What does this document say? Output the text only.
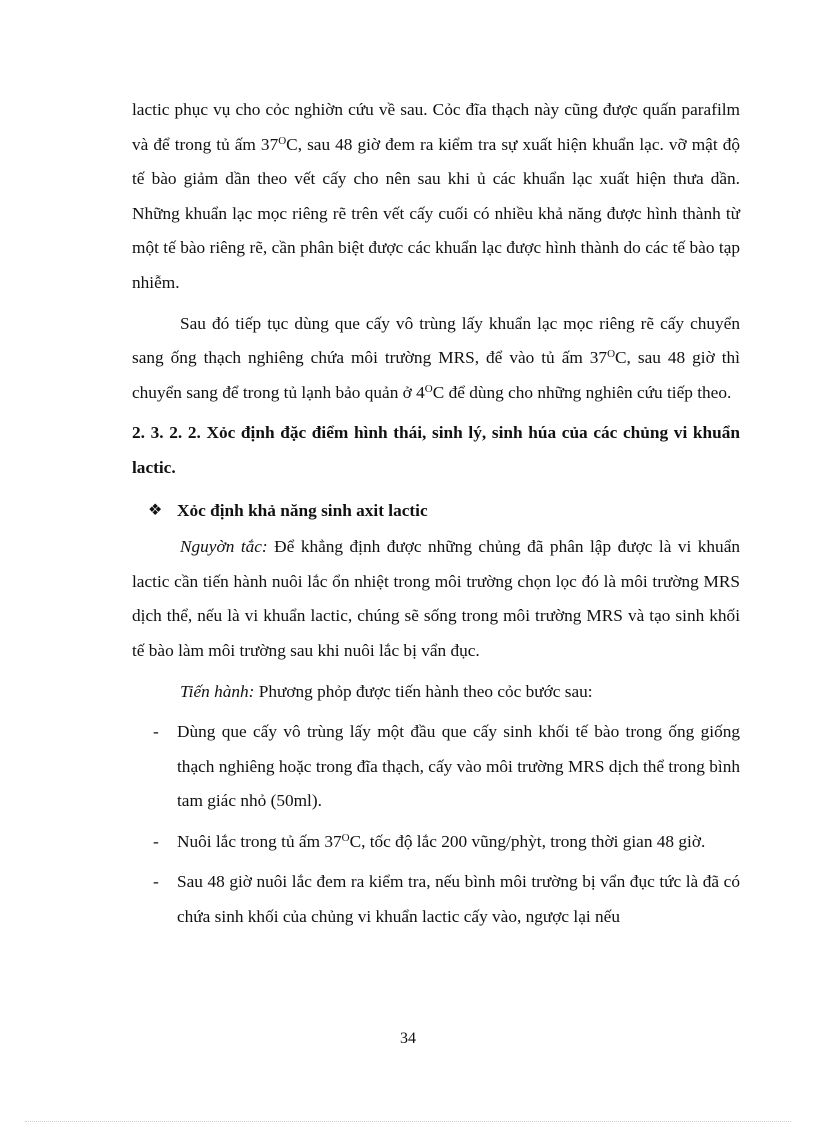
lactic phục vụ cho cỏc nghiờn cứu về sau. Cỏc đĩa thạch này cũng được quấn parafilm và để trong tủ ấm $37^OC$, sau 48 giờ đem ra kiểm tra sự xuất hiện khuẩn lạc. vỡ mật độ tế bào giảm dần theo vết cấy cho nên sau khi ủ các khuẩn lạc xuất hiện thưa dần. Những khuẩn lạc mọc riêng rẽ trên vết cấy cuối có nhiều khả năng được hình thành từ một tế bào riêng rẽ, cần phân biệt được các khuẩn lạc được hình thành do các tế bào tạp nhiễm.

Sau đó tiếp tục dùng que cấy vô trùng lấy khuẩn lạc mọc riêng rẽ cấy chuyển sang ống thạch nghiêng chứa môi trường MRS, để vào tủ ấm $37^OC$, sau 48 giờ thì chuyển sang để trong tủ lạnh bảo quản ở $4^OC$ để dùng cho những nghiên cứu tiếp theo.

2. 3. 2. 2. Xỏc định đặc điểm hình thái, sinh lý, sinh húa của các chủng vi khuẩn lactic.
❖ Xỏc định khả năng sinh axit lactic

Nguyờn tắc: Để khẳng định được những chủng đã phân lập được là vi khuẩn lactic cần tiến hành nuôi lắc ổn nhiệt trong môi trường chọn lọc đó là môi trường MRS dịch thể, nếu là vi khuẩn lactic, chúng sẽ sống trong môi trường MRS và tạo sinh khối tế bào làm môi trường sau khi nuôi lắc bị vẩn đục.

Tiến hành: Phương phỏp được tiến hành theo cỏc bước sau:

- Dùng que cấy vô trùng lấy một đầu que cấy sinh khối tế bào trong ống giống thạch nghiêng hoặc trong đĩa thạch, cấy vào môi trường MRS dịch thể trong bình tam giác nhỏ (50ml).
- Nuôi lắc trong tủ ấm $37^OC$, tốc độ lắc 200 vũng/phỳt, trong thời gian 48 giờ.
- Sau 48 giờ nuôi lắc đem ra kiểm tra, nếu bình môi trường bị vẩn đục tức là đã có chứa sinh khối của chủng vi khuẩn lactic cấy vào, ngược lại nếu
34
